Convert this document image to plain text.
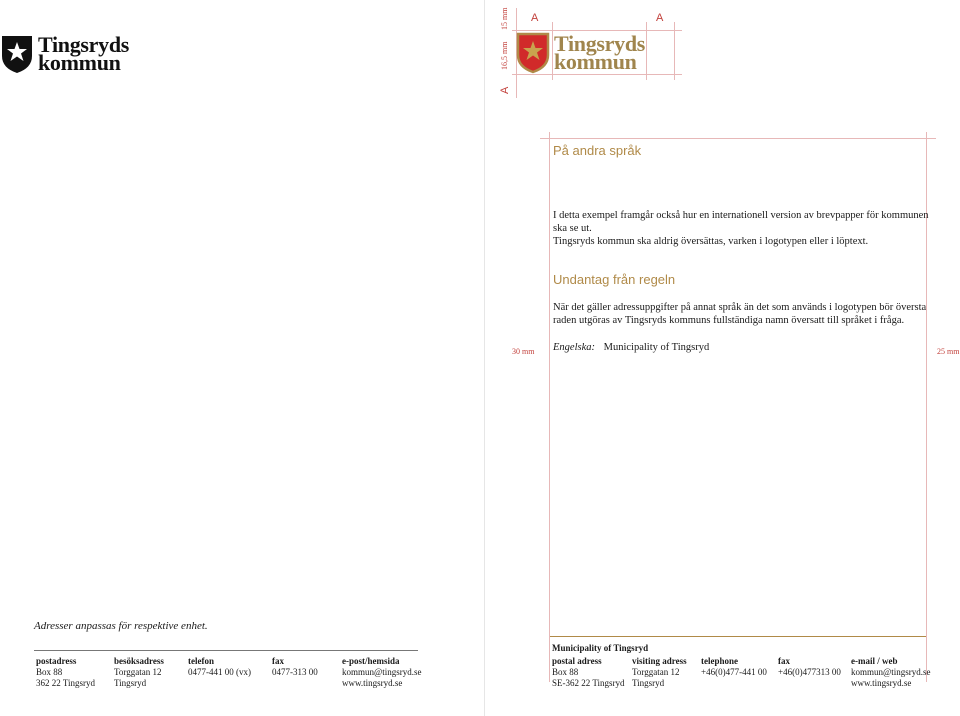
Tingsryds
kommun
A	A
A
15 mm
16,5 mm Tingsryds
kommun
30 mm	25 mm
På andra språk
I detta exempel framgår också hur en internationell version av brevpapper för kommunen
ska se ut.
Tingsryds kommun ska aldrig översättas, varken i logotypen eller i löptext.
Undantag från regeln
När det gäller adressuppgifter på annat språk än det som används i logotypen bör översta
raden utgöras av Tingsryds kommuns fullständiga namn översatt till språket i fråga.
Engelska: Municipality of Tingsryd
Adresser anpassas för respektive enhet.
postadress
Box 88
362 22 Tingsryd
besöksadress
Torggatan 12
Tingsryd
telefon
0477-441 00 (vx)
fax
0477-313 00
e-post/hemsida
kommun@tingsryd.se
www.tingsryd.se
Municipality of Tingsryd
postal adress
Box 88
SE-362 22 Tingsryd
visiting adress
Torggatan 12
Tingsryd
telephone
+46(0)477-441 00
fax
+46(0)477313 00
e-mail / web
kommun@tingsryd.se
www.tingsryd.se
